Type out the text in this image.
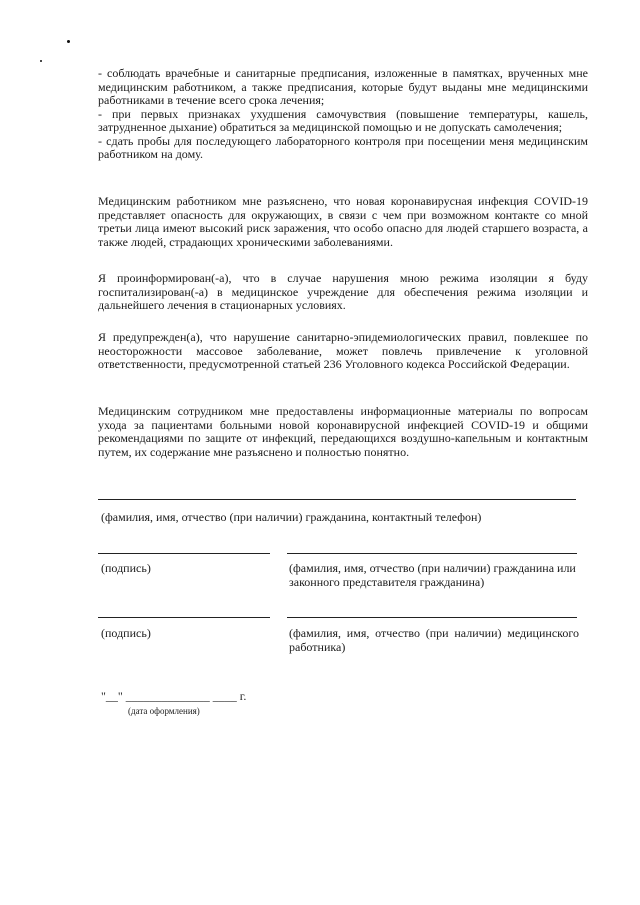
- соблюдать врачебные и санитарные предписания, изложенные в памятках, врученных мне медицинским работником, а также предписания, которые будут выданы мне медицинскими работниками в течение всего срока лечения;

- при первых признаках ухудшения самочувствия (повышение температуры, кашель, затрудненное дыхание) обратиться за медицинской помощью и не допускать самолечения;

- сдать пробы для последующего лабораторного контроля при посещении меня медицинским работником на дому.

Медицинским работником мне разъяснено, что новая коронавирусная инфекция COVID-19 представляет опасность для окружающих, в связи с чем при возможном контакте со мной третьи лица имеют высокий риск заражения, что особо опасно для людей старшего возраста, а также людей, страдающих хроническими заболеваниями.
Я проинформирован(-а), что в случае нарушения мною режима изоляции я буду госпитализирован(-а) в медицинское учреждение для обеспечения режима изоляции и дальнейшего лечения в стационарных условиях.
Я предупрежден(а), что нарушение санитарно-эпидемиологических правил, повлекшее по неосторожности массовое заболевание, может повлечь привлечение к уголовной ответственности, предусмотренной статьей 236 Уголовного кодекса Российской Федерации.
Медицинским сотрудником мне предоставлены информационные материалы по вопросам ухода за пациентами больными новой коронавирусной инфекцией COVID-19 и общими рекомендациями по защите от инфекций, передающихся воздушно-капельным и контактным путем, их содержание мне разъяснено и полностью понятно.
(фамилия, имя, отчество (при наличии) гражданина, контактный телефон)
(подпись)	(фамилия, имя, отчество (при наличии) гражданина или законного представителя гражданина)
(подпись)	(фамилия, имя, отчество (при наличии) медицинского работника)
"__" ______________ ____ г.
(дата оформления)
